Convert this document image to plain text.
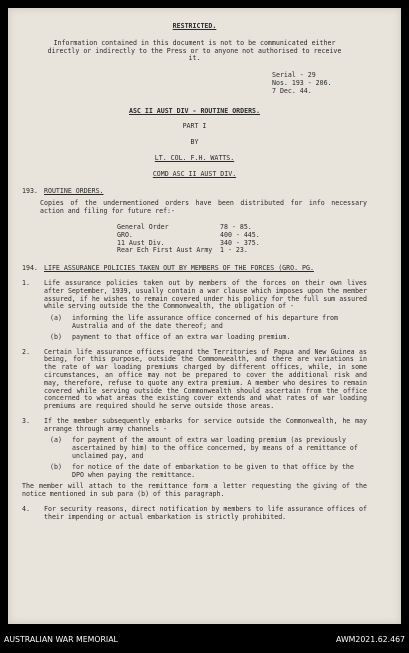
RESTRICTED.
Information contained in this document is not to be communicated either directly or indirectly to the Press or to anyone not authorised to receive it.
Serial - 29
Nos. 193 - 206.
7 Dec. 44.
ASC II AUST DIV - ROUTINE ORDERS.
PART I
BY
LT. COL. F.H. WATTS.
COMD ASC II AUST DIV.
193. ROUTINE ORDERS.
Copies of the undermentioned orders have been distributed for info necessary action and filing for future ref:-
General Order	78 - 85.
GRO.	400 - 445.
11 Aust Div.	340 - 375.
Rear Ech First Aust Army	1 - 23.
194. LIFE ASSURANCE POLICIES TAKEN OUT BY MEMBERS OF THE FORCES (GRO. PG.
1.	Life assurance policies taken out by members of the forces on their own lives after September, 1939, usually contain a war clause which imposes upon the member assured, if he wishes to remain covered under his policy for the full sum assured while serving outside the the Commonwealth, the obligation of -
(a)	informing the life assurance office concerned of his departure from Australia and of the date thereof; and
(b)	payment to that office of an extra war loading premium.
2.	Certain life assurance offices regard the Territories of Papua and New Guinea as being, for this purpose, outside the Commonwealth, and there are variations in the rate of war loading premiums charged by different offices, while, in some circumstances, an office may not be prepared to cover the additional risk and may, therefore, refuse to quote any extra premium. A member who desires to remain covered while serving outside the Commonwealth should ascertain from the office concerned to what areas the existing cover extends and what rates of war loading premiums are required should he serve outside those areas.
3.	If the member subsequently embarks for service outside the Commonwealth, he may arrange through army channels -
(a)	for payment of the amount of extra war loading premium (as previously ascertained by him) to the office concerned, by means of a remittance of unclaimed pay, and
(b)	for notice of the date of embarkation to be given to that office by the DPO when paying the remittance.
The member will attach to the remittance form a letter requesting the giving of the notice mentioned in sub para (b) of this paragraph.
4.	For security reasons, direct notification by members to life assurance offices of their impending or actual embarkation is strictly prohibited.
AUSTRALIAN WAR MEMORIAL	AWM2021.62.467
